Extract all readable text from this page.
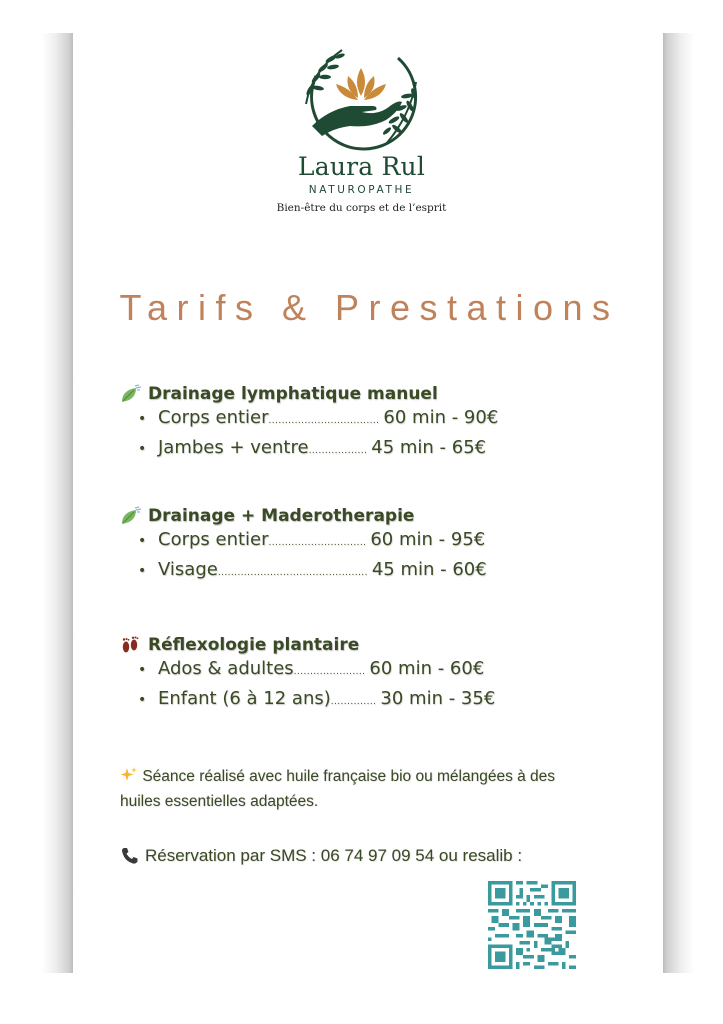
Laura Rul
NATUROPATHE
Bien-être du corps et de l’esprit
Tarifs & Prestations
Drainage lymphatique manuel
• Corps entier .................................. 60 min - 90€
• Jambes + ventre .................. 45 min - 65€
Drainage + Maderotherapie
• Corps entier .............................. 60 min - 95€
• Visage .............................................. 45 min - 60€
Réflexologie plantaire
• Ados & adultes ...................... 60 min - 60€
• Enfant (6 à 12 ans) .............. 30 min - 35€
Séance réalisé avec huile française bio ou mélangées à des huiles essentielles adaptées.
Réservation par SMS : 06 74 97 09 54 ou resalib :
